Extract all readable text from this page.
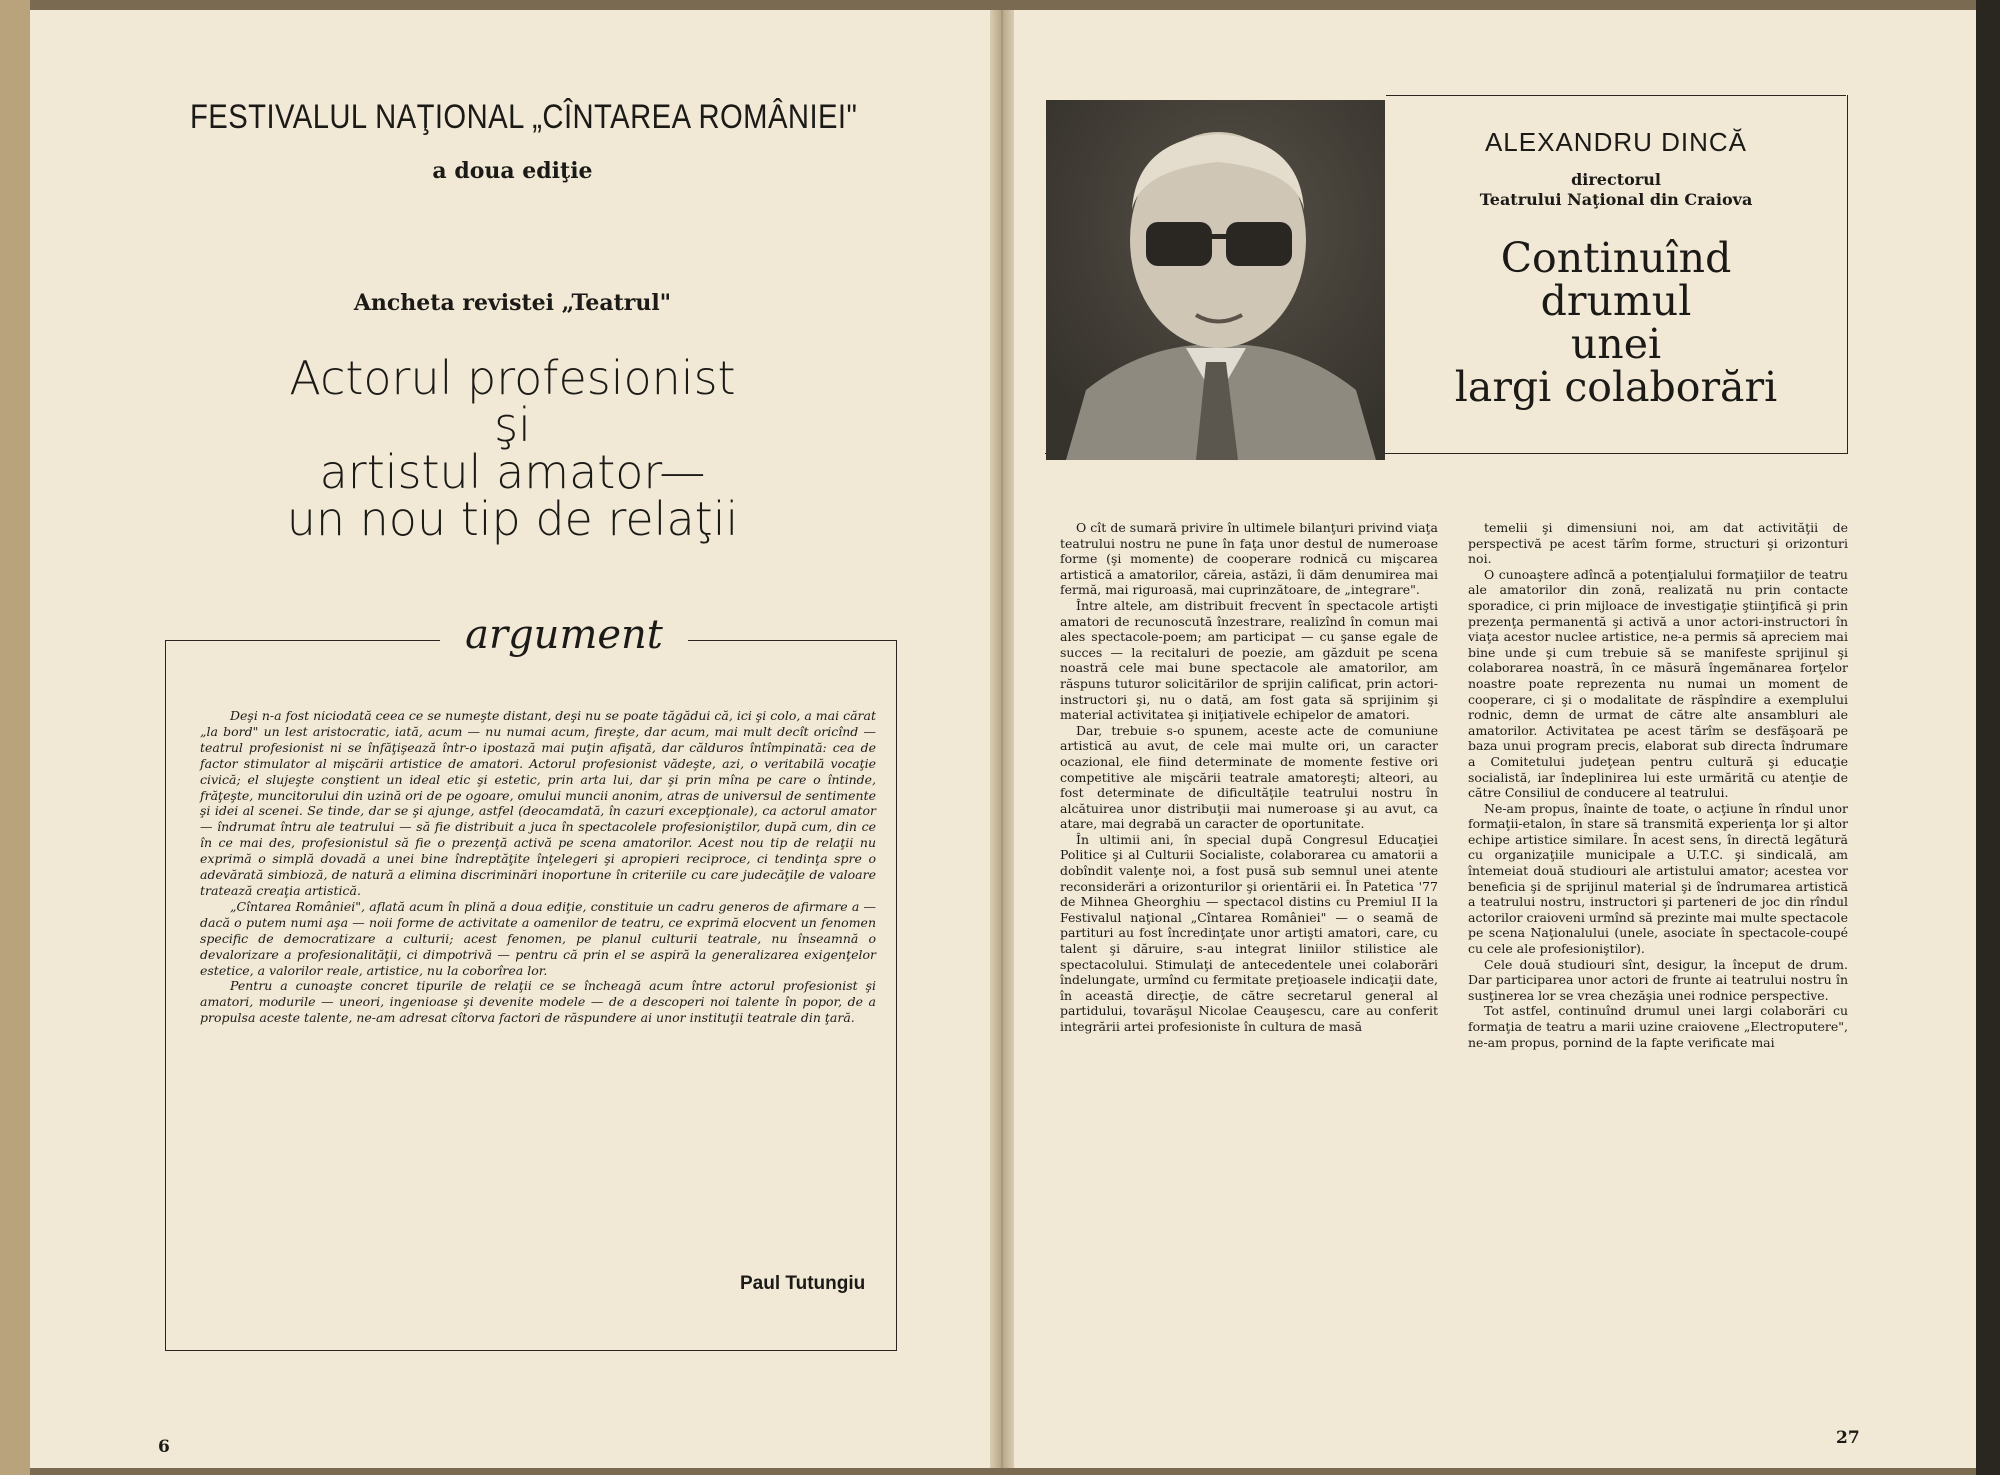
FESTIVALUL NAŢIONAL „CÎNTAREA ROMÂNIEI"
a doua ediţie
Ancheta revistei „Teatrul"
Actorul profesionist
şi
artistul amator—
un nou tip de relaţii
argument

Deşi n-a fost niciodată ceea ce se numeşte distant, deşi nu se poate tăgădui că, ici şi colo, a mai cărat „la bord" un lest aristocratic, iată, acum — nu numai acum, fireşte, dar acum, mai mult decît oricînd — teatrul profesionist ni se înfăţişează într-o ipostază mai puţin afişată, dar călduros întîmpinată: cea de factor stimulator al mişcării artistice de amatori. Actorul profesionist vădeşte, azi, o veritabilă vocaţie civică; el slujeşte conştient un ideal etic şi estetic, prin arta lui, dar şi prin mîna pe care o întinde, frăţeşte, muncitorului din uzină ori de pe ogoare, omului muncii anonim, atras de universul de sentimente şi idei al scenei. Se tinde, dar se şi ajunge, astfel (deocamdată, în cazuri excepţionale), ca actorul amator — îndrumat întru ale teatrului — să fie distribuit a juca în spectacolele profesioniştilor, după cum, din ce în ce mai des, profesionistul să fie o prezenţă activă pe scena amatorilor. Acest nou tip de relaţii nu exprimă o simplă dovadă a unei bine îndreptăţite înţelegeri şi apropieri reciproce, ci tendinţa spre o adevărată simbioză, de natură a elimina discriminări inoportune în criteriile cu care judecăţile de valoare tratează creaţia artistică.

„Cîntarea României", aflată acum în plină a doua ediţie, constituie un cadru generos de afirmare a — dacă o putem numi aşa — noii forme de activitate a oamenilor de teatru, ce exprimă elocvent un fenomen specific de democratizare a culturii; acest fenomen, pe planul culturii teatrale, nu înseamnă o devalorizare a profesionalităţii, ci dimpotrivă — pentru că prin el se aspiră la generalizarea exigenţelor estetice, a valorilor reale, artistice, nu la coborîrea lor.

Pentru a cunoaşte concret tipurile de relaţii ce se încheagă acum între actorul profesionist şi amatori, modurile — uneori, ingenioase şi devenite modele — de a descoperi noi talente în popor, de a propulsa aceste talente, ne-am adresat cîtorva factori de răspundere ai unor instituţii teatrale din ţară.

Paul Tutungiu
6
ALEXANDRU DINCĂ
directorul
Teatrului Naţional din Craiova
Continuînd
drumul
unei
largi colaborări

O cît de sumară privire în ultimele bilanţuri privind viaţa teatrului nostru ne pune în faţa unor destul de numeroase forme (şi momente) de cooperare rodnică cu mişcarea artistică a amatorilor, căreia, astăzi, îi dăm denumirea mai fermă, mai riguroasă, mai cuprinzătoare, de „integrare".

Între altele, am distribuit frecvent în spectacole artişti amatori de recunoscută înzestrare, realizînd în comun mai ales spectacole-poem; am participat — cu şanse egale de succes — la recitaluri de poezie, am găzduit pe scena noastră cele mai bune spectacole ale amatorilor, am răspuns tuturor solicitărilor de sprijin calificat, prin actori-instructori şi, nu o dată, am fost gata să sprijinim şi material activitatea şi iniţiativele echipelor de amatori.

Dar, trebuie s-o spunem, aceste acte de comuniune artistică au avut, de cele mai multe ori, un caracter ocazional, ele fiind determinate de momente festive ori competitive ale mişcării teatrale amatoreşti; alteori, au fost determinate de dificultăţile teatrului nostru în alcătuirea unor distribuţii mai numeroase şi au avut, ca atare, mai degrabă un caracter de oportunitate.

În ultimii ani, în special după Congresul Educaţiei Politice şi al Culturii Socialiste, colaborarea cu amatorii a dobîndit valenţe noi, a fost pusă sub semnul unei atente reconsiderări a orizonturilor şi orientării ei. În Patetica '77 de Mihnea Gheorghiu — spectacol distins cu Premiul II la Festivalul naţional „Cîntarea României" — o seamă de partituri au fost încredinţate unor artişti amatori, care, cu talent şi dăruire, s-au integrat liniilor stilistice ale spectacolului. Stimulaţi de antecedentele unei colaborări îndelungate, urmînd cu fermitate preţioasele indicaţii date, în această direcţie, de către secretarul general al partidului, tovarăşul Nicolae Ceauşescu, care au conferit integrării artei profesioniste în cultura de masă

temelii şi dimensiuni noi, am dat activităţii de perspectivă pe acest tărîm forme, structuri şi orizonturi noi.

O cunoaştere adîncă a potenţialului formaţiilor de teatru ale amatorilor din zonă, realizată nu prin contacte sporadice, ci prin mijloace de investigaţie ştiinţifică şi prin prezenţa permanentă şi activă a unor actori-instructori în viaţa acestor nuclee artistice, ne-a permis să apreciem mai bine unde şi cum trebuie să se manifeste sprijinul şi colaborarea noastră, în ce măsură îngemănarea forţelor noastre poate reprezenta nu numai un moment de cooperare, ci şi o modalitate de răspîndire a exemplului rodnic, demn de urmat de către alte ansambluri ale amatorilor. Activitatea pe acest tărîm se desfăşoară pe baza unui program precis, elaborat sub directa îndrumare a Comitetului judeţean pentru cultură şi educaţie socialistă, iar îndeplinirea lui este urmărită cu atenţie de către Consiliul de conducere al teatrului.

Ne-am propus, înainte de toate, o acţiune în rîndul unor formaţii-etalon, în stare să transmită experienţa lor şi altor echipe artistice similare. În acest sens, în directă legătură cu organizaţiile municipale a U.T.C. şi sindicală, am întemeiat două studiouri ale artistului amator; acestea vor beneficia şi de sprijinul material şi de îndrumarea artistică a teatrului nostru, instructori şi parteneri de joc din rîndul actorilor craioveni urmînd să prezinte mai multe spectacole pe scena Naţionalului (unele, asociate în spectacole-coupé cu cele ale profesioniştilor).

Cele două studiouri sînt, desigur, la început de drum. Dar participarea unor actori de frunte ai teatrului nostru în susţinerea lor se vrea chezăşia unei rodnice perspective.

Tot astfel, continuînd drumul unei largi colaborări cu formaţia de teatru a marii uzine craiovene „Electroputere", ne-am propus, pornind de la fapte verificate mai

27
